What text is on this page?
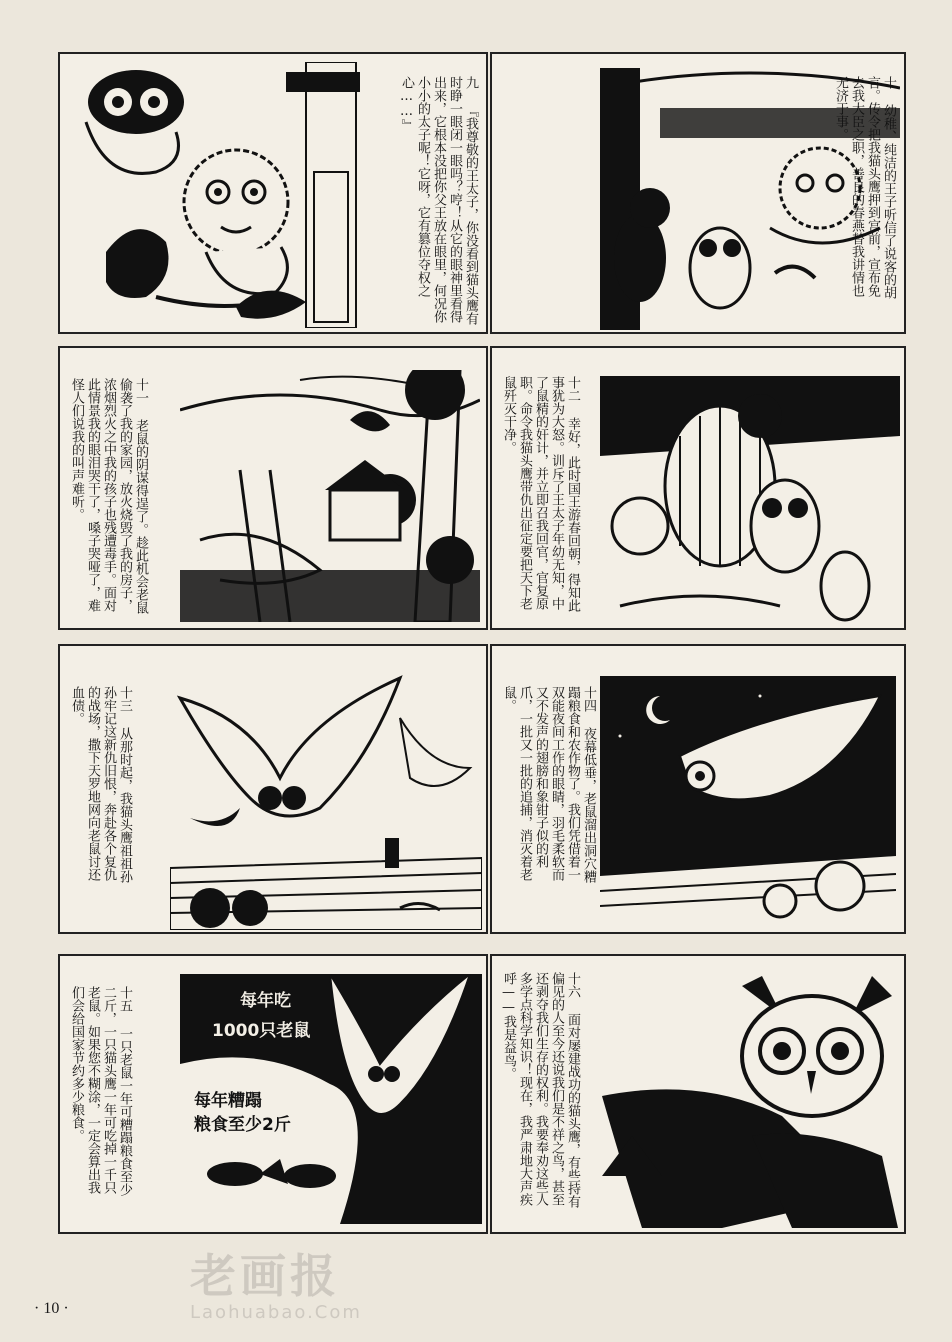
九 『我尊敬的王太子，你没看到猫头鹰有时睁一眼闭一眼吗？哼！从它的眼神里看得出来，它根本没把你父王放在眼里，何况你小小的太子呢！它呀，它有篡位夺权之心……』	十 幼稚、纯洁的王子听信了说客的胡言。传令把我猫头鹰押到宫前，宣布免去我大臣之职，善良的春燕替我讲情也无济于事。
十一 老鼠的阴谋得逞了。趁此机会老鼠偷袭了我的家园，放火烧毁了我的房子，浓烟烈火之中我的孩子也残遭毒手。面对此情景我的眼泪哭干了，嗓子哭哑了，难怪人们说我的叫声难听。	十二 幸好，此时国王游春回朝，得知此事犹为大怒。训斥了王太子年幼无知，中了鼠精的奸计，并立即召我回官，官复原职。命令我猫头鹰带仇出征定要把天下老鼠歼灭干净。
十三 从那时起，我猫头鹰祖祖孙孙牢记这新仇旧恨，奔赴各个复仇的战场，撒下天罗地网向老鼠讨还血债。	十四 夜幕低垂，老鼠溜出洞穴糟蹋粮食和农作物了。我们凭借着一双能夜间工作的眼睛，羽毛柔软而又不发声的翅膀和象钳子似的利爪，一批又一批的追捕，消灭着老鼠。
每年吃
1000只老鼠
每年糟蹋
粮食至少2斤
十五 一只老鼠一年可糟蹋粮食至少二斤，一只猫头鹰一年可吃掉一千只老鼠。如果您不糊涂，一定会算出我们会给国家节约多少粮食。	十六 面对屡建战功的猫头鹰，有些持有偏见的人至今还说我们是不祥之鸟，甚至还剥夺我们生存的权利。我要奉劝这些人多学点科学知识！现在，我严肃地大声疾呼——我是益鸟。
老画报
Laohuabao.Com
· 10 ·
